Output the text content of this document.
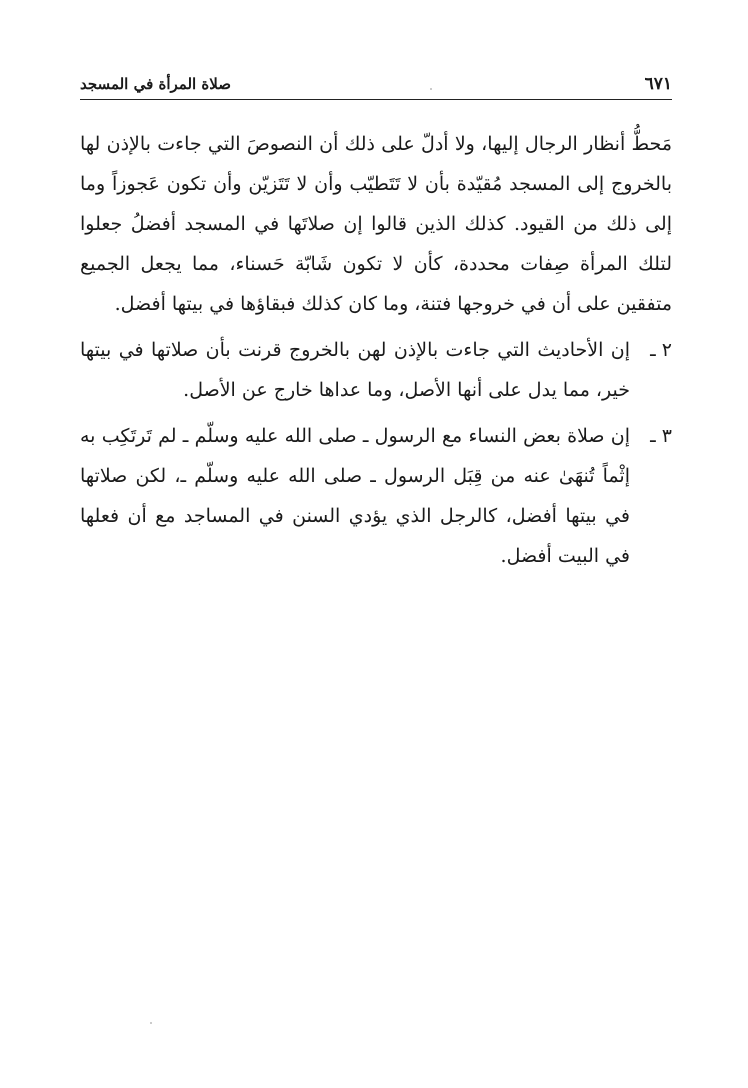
٦٧١
صلاة المرأة في المسجد

مَحطُّ أنظار الرجال إليها، ولا أدلّ على ذلك أن النصوصَ التي جاءت بالإذن لها بالخروج إلى المسجد مُقيّدة بأن لا تَتَطيّب وأن لا تَتَزيّن وأن تكون عَجوزاً وما إلى ذلك من القيود. كذلك الذين قالوا إن صلاتَها في المسجد أفضلُ جعلوا لتلك المرأة صِفات محددة، كأن لا تكون شَابّة حَسناء، مما يجعل الجميع متفقين على أن في خروجها فتنة، وما كان كذلك فبقاؤها في بيتها أفضل.

٢ ـ

إن الأحاديث التي جاءت بالإذن لهن بالخروج قرنت بأن صلاتها في بيتها خير، مما يدل على أنها الأصل، وما عداها خارج عن الأصل.

٣ ـ

إن صلاة بعض النساء مع الرسول ـ صلى الله عليه وسلّم ـ لم تَرتَكِب به إثْماً تُنهَىٰ عنه من قِبَل الرسول ـ صلى الله عليه وسلّم ـ، لكن صلاتها في بيتها أفضل، كالرجل الذي يؤدي السنن في المساجد مع أن فعلها في البيت أفضل.
